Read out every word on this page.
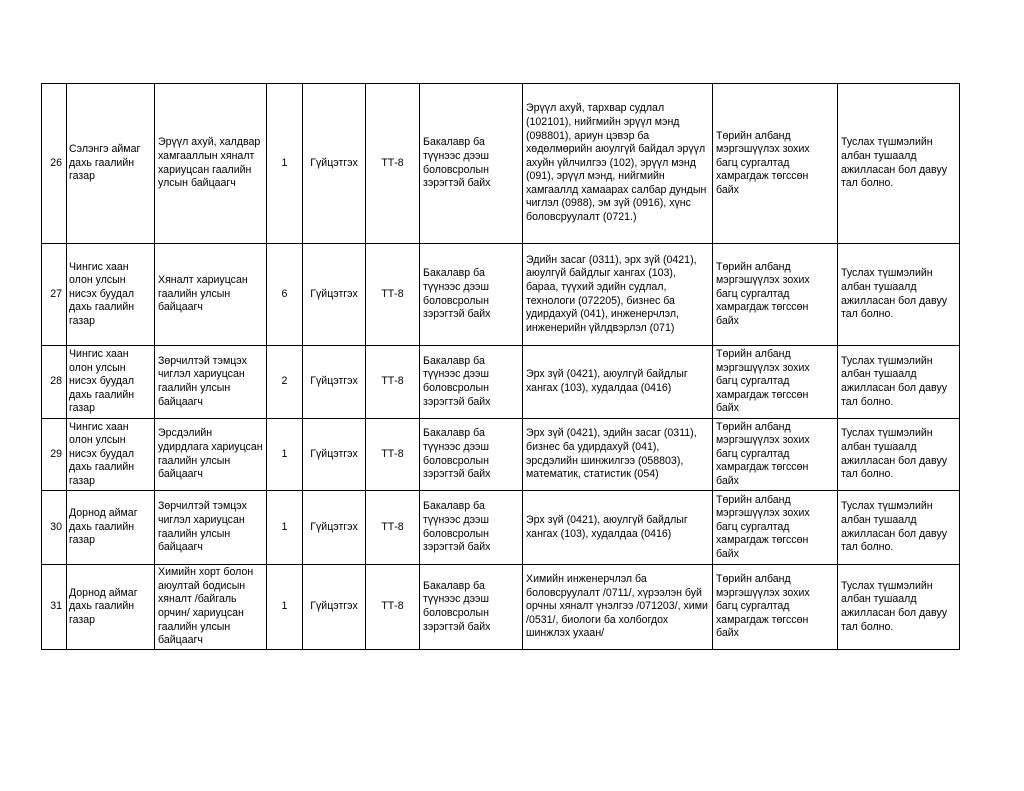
26	Сэлэнгэ аймаг дахь гаалийн газар	Эрүүл ахуй, халдвар хамгааллын хяналт хариуцсан гаалийн улсын байцаагч	1	Гүйцэтгэх	ТТ-8	Бакалавр ба түүнээс дээш боловсролын зэрэгтэй байх	Эрүүл ахуй, тархвар судлал (102101), нийгмийн эрүүл мэнд (098801), ариун цэвэр ба хөдөлмөрийн аюулгүй байдал эрүүл ахуйн үйлчилгээ (102), эрүүл мэнд (091), эрүүл мэнд, нийгмийн хамгааллд хамаарах салбар дундын чиглэл (0988), эм зүй (0916), хүнс боловсруулалт (0721.)	Төрийн албанд мэргэшүүлэх зохих багц сургалтад хамрагдаж төгссөн байх	Туслах түшмэлийн албан тушаалд ажилласан бол давуу тал болно.

27	Чингис хаан олон улсын нисэх буудал дахь гаалийн газар	Хяналт хариуцсан гаалийн улсын байцаагч	6	Гүйцэтгэх	ТТ-8	Бакалавр ба түүнээс дээш боловсролын зэрэгтэй байх	Эдийн засаг (0311), эрх зүй (0421), аюулгүй байдлыг хангах (103), бараа, түүхий эдийн судлал, технологи (072205), бизнес ба удирдахуй (041), инженерчлэл, инженерийн үйлдвэрлэл (071)	Төрийн албанд мэргэшүүлэх зохих багц сургалтад хамрагдаж төгссөн байх	Туслах түшмэлийн албан тушаалд ажилласан бол давуу тал болно.

28	Чингис хаан олон улсын нисэх буудал дахь гаалийн газар	Зөрчилтэй тэмцэх чиглэл хариуцсан гаалийн улсын байцаагч	2	Гүйцэтгэх	ТТ-8	Бакалавр ба түүнээс дээш боловсролын зэрэгтэй байх	Эрх зүй (0421), аюулгүй байдлыг хангах (103), худалдаа (0416)	Төрийн албанд мэргэшүүлэх зохих багц сургалтад хамрагдаж төгссөн байх	Туслах түшмэлийн албан тушаалд ажилласан бол давуу тал болно.

29	Чингис хаан олон улсын нисэх буудал дахь гаалийн газар	Эрсдэлийн удирдлага хариуцсан гаалийн улсын байцаагч	1	Гүйцэтгэх	ТТ-8	Бакалавр ба түүнээс дээш боловсролын зэрэгтэй байх	Эрх зүй (0421), эдийн засаг (0311), бизнес ба удирдахуй (041), эрсдэлийн шинжилгээ (058803), математик, статистик (054)	Төрийн албанд мэргэшүүлэх зохих багц сургалтад хамрагдаж төгссөн байх	Туслах түшмэлийн албан тушаалд ажилласан бол давуу тал болно.

30	Дорнод аймаг дахь гаалийн газар	Зөрчилтэй тэмцэх чиглэл хариуцсан гаалийн улсын байцаагч	1	Гүйцэтгэх	ТТ-8	Бакалавр ба түүнээс дээш боловсролын зэрэгтэй байх	Эрх зүй (0421), аюулгүй байдлыг хангах (103), худалдаа (0416)	Төрийн албанд мэргэшүүлэх зохих багц сургалтад хамрагдаж төгссөн байх	Туслах түшмэлийн албан тушаалд ажилласан бол давуу тал болно.

31	Дорнод аймаг дахь гаалийн газар	Химийн хорт болон аюултай бодисын хяналт /байгаль орчин/ хариуцсан гаалийн улсын байцаагч	1	Гүйцэтгэх	ТТ-8	Бакалавр ба түүнээс дээш боловсролын зэрэгтэй байх	Химийн инженерчлэл ба боловсруулалт /0711/, хүрээлэн буй орчны хяналт үнэлгээ /071203/, хими /0531/, биологи ба холбогдох шинжлэх ухаан/	Төрийн албанд мэргэшүүлэх зохих багц сургалтад хамрагдаж төгссөн байх	Туслах түшмэлийн албан тушаалд ажилласан бол давуу тал болно.
